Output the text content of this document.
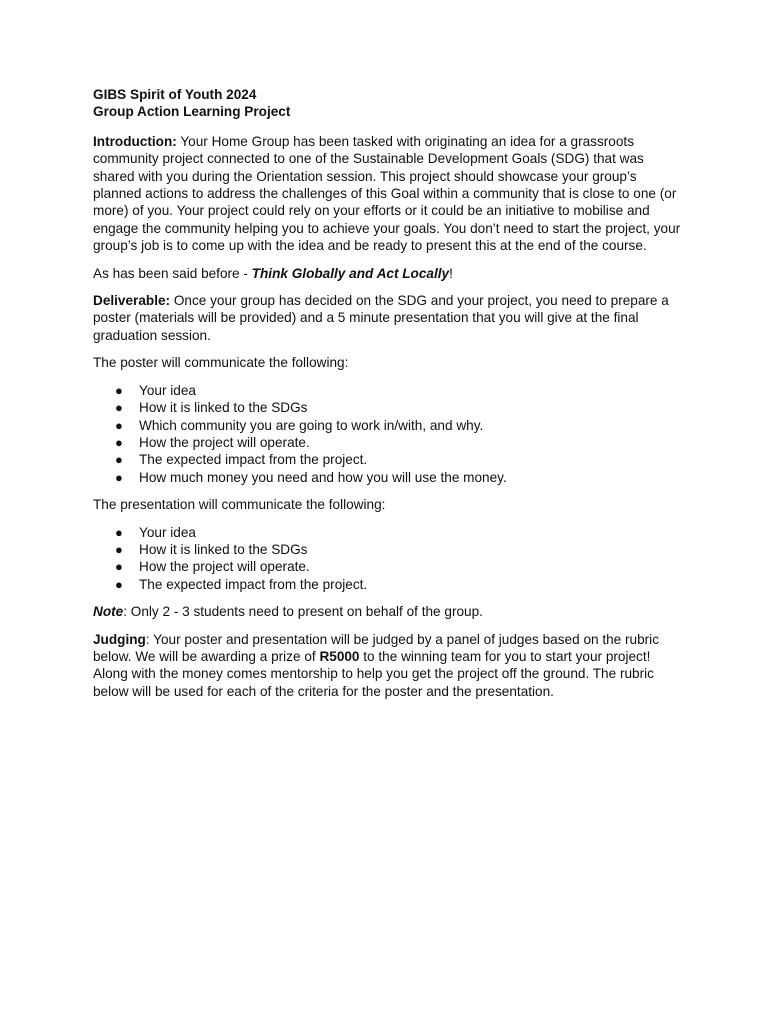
GIBS Spirit of Youth 2024
Group Action Learning Project

Introduction: Your Home Group has been tasked with originating an idea for a grassroots community project connected to one of the Sustainable Development Goals (SDG) that was shared with you during the Orientation session. This project should showcase your group’s planned actions to address the challenges of this Goal within a community that is close to one (or more) of you. Your project could rely on your efforts or it could be an initiative to mobilise and engage the community helping you to achieve your goals. You don’t need to start the project, your group’s job is to come up with the idea and be ready to present this at the end of the course.

As has been said before - Think Globally and Act Locally!

Deliverable: Once your group has decided on the SDG and your project, you need to prepare a poster (materials will be provided) and a 5 minute presentation that you will give at the final graduation session.

The poster will communicate the following:

● Your idea
● How it is linked to the SDGs
● Which community you are going to work in/with, and why.
● How the project will operate.
● The expected impact from the project.
● How much money you need and how you will use the money.

The presentation will communicate the following:

● Your idea
● How it is linked to the SDGs
● How the project will operate.
● The expected impact from the project.

Note: Only 2 - 3 students need to present on behalf of the group.

Judging: Your poster and presentation will be judged by a panel of judges based on the rubric below. We will be awarding a prize of R5000 to the winning team for you to start your project! Along with the money comes mentorship to help you get the project off the ground. The rubric below will be used for each of the criteria for the poster and the presentation.
